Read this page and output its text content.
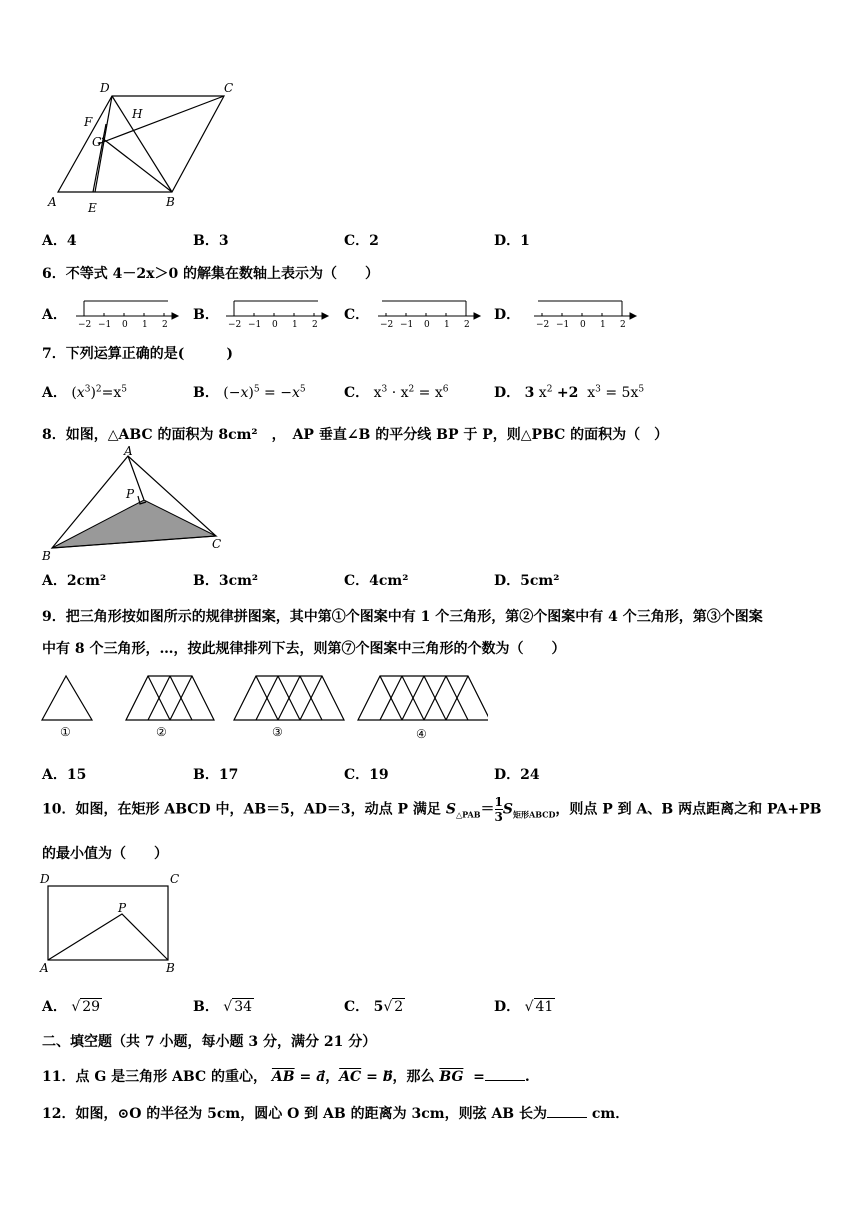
D	C
H
F
G
A	E	B
A．4	B．3	C．2	D．1
6．不等式 4－2x＞0 的解集在数轴上表示为（　　）
A．
−2 −1 0 1 2
B．
−2 −1 0 1 2
C．
−2 −1 0 1 2
D．
−2 −1 0 1 2
7．下列运算正确的是(　　　)
A． $(x^3)^2=x^5$	B． $(-x)^5 = -x^5$	C． $x^3 \cdot x^2 = x^6$	D． 3 $x^2 +2$  $x^3 = 5x^5$
8．如图，△ABC 的面积为 8cm²　，　AP 垂直∠B 的平分线 BP 于 P，则△PBC 的面积为（　）
A
P
B
C
A．2cm²	B．3cm²	C．4cm²	D．5cm²
9．把三角形按如图所示的规律拼图案，其中第①个图案中有 1 个三角形，第②个图案中有 4 个三角形，第③个图案
中有 8 个三角形，…，按此规律排列下去，则第⑦个图案中三角形的个数为（　　）
①	②	③	④
A．15	B．17	C．19	D．24
10．如图，在矩形 ABCD 中，AB＝5，AD＝3，动点 P 满足 $S_{\triangle PAB}= \frac{1}{3} S_{矩形ABCD}$，则点 P 到 A、B 两点距离之和 PA+PB
的最小值为（　　）
D	C
P
A	B
A． √ 29	B． √ 34	C． 5√ 2	D． √ 41
二、填空题（共 7 小题，每小题 3 分，满分 21 分）
11．点 G 是三角形 ABC 的重心， $\overline{AB}$ = a⃗，$\overline{AC}$ = b⃗，那么 $\overline{BG}$  =	.
12．如图，⊙O 的半径为 5cm，圆心 O 到 AB 的距离为 3cm，则弦 AB 长为	cm．
